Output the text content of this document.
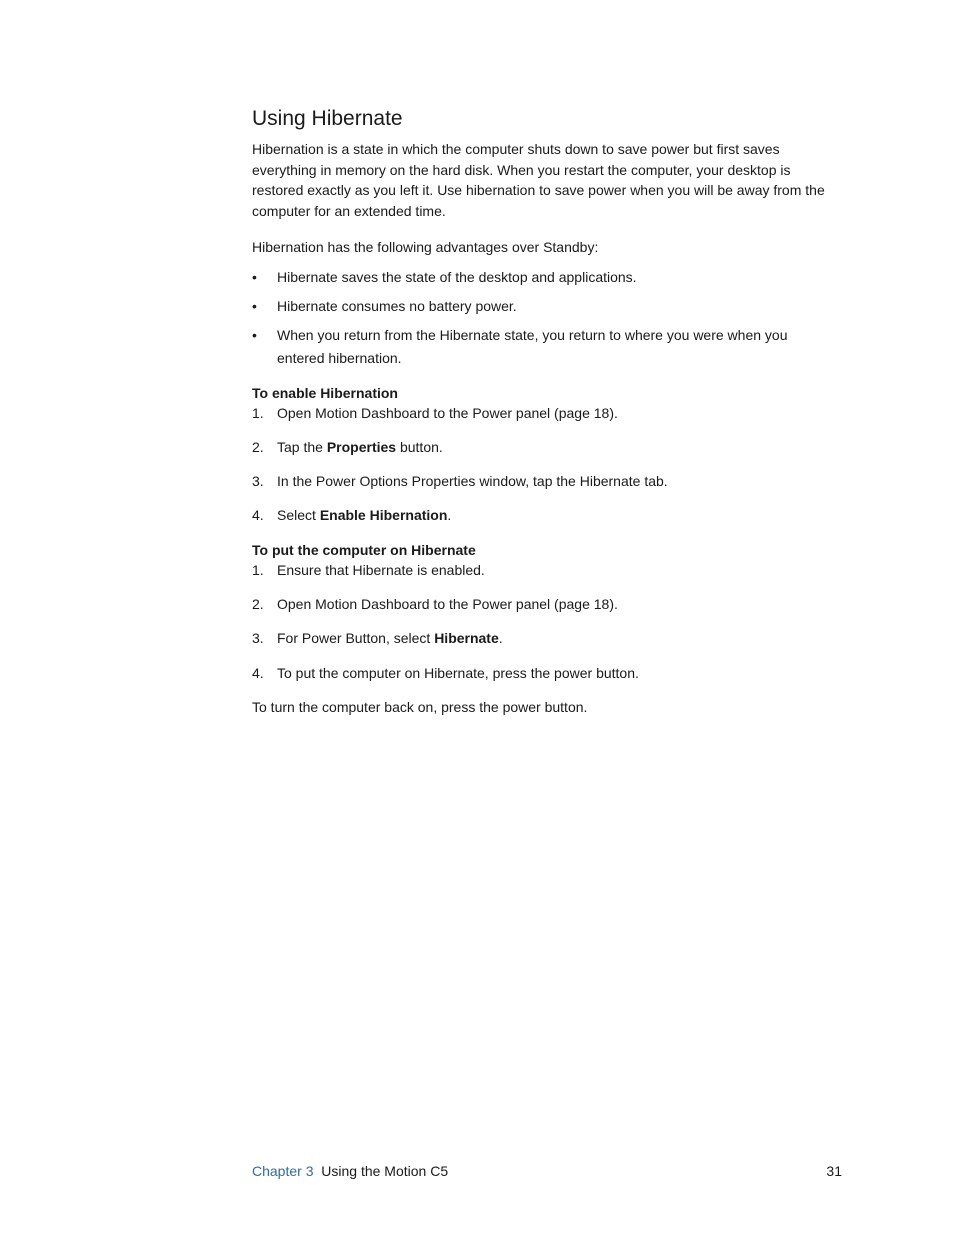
Using Hibernate

Hibernation is a state in which the computer shuts down to save power but first saves everything in memory on the hard disk. When you restart the computer, your desktop is restored exactly as you left it. Use hibernation to save power when you will be away from the computer for an extended time.

Hibernation has the following advantages over Standby:

• Hibernate saves the state of the desktop and applications.
• Hibernate consumes no battery power.
• When you return from the Hibernate state, you return to where you were when you entered hibernation.

To enable Hibernation

1. Open Motion Dashboard to the Power panel (page 18).
2. Tap the Properties button.
3. In the Power Options Properties window, tap the Hibernate tab.
4. Select Enable Hibernation.

To put the computer on Hibernate

1. Ensure that Hibernate is enabled.
2. Open Motion Dashboard to the Power panel (page 18).
3. For Power Button, select Hibernate.
4. To put the computer on Hibernate, press the power button.

To turn the computer back on, press the power button.

Chapter 3 Using the Motion C5	31
